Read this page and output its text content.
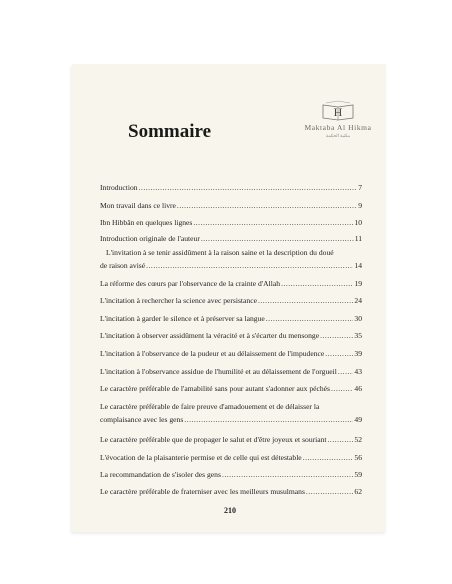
Sommaire
H
Maktaba Al Hikma
مكتبة الحكمة
Introduction .....	7
Mon travail dans ce livre .....	9
Ibn Hibbân en quelques lignes .....	10
Introduction originale de l'auteur .....	11
L'invitation à se tenir assidûment à la raison saine et la description du doué
de raison avisé .....	14
La réforme des cœurs par l'observance de la crainte d'Allah .....	19
L'incitation à rechercher la science avec persistance .....	24
L'incitation à garder le silence et à préserver sa langue .....	30
L'incitation à observer assidûment la véracité et à s'écarter du mensonge .....	35
L'incitation à l'observance de la pudeur et au délaissement de l'impudence .....	39
L'incitation à l'observance assidue de l'humilité et au délaissement de l'orgueil ..... 43
Le caractère préférable de l'amabilité sans pour autant s'adonner aux péchés .....	46
Le caractère préférable de faire preuve d'amadouement et de délaisser la
complaisance avec les gens .....	49
Le caractère préférable que de propager le salut et d'être joyeux et souriant .....	52
L'évocation de la plaisanterie permise et de celle qui est détestable .....	56
La recommandation de s'isoler des gens .....	59
Le caractère préférable de fraterniser avec les meilleurs musulmans .....	62
210
